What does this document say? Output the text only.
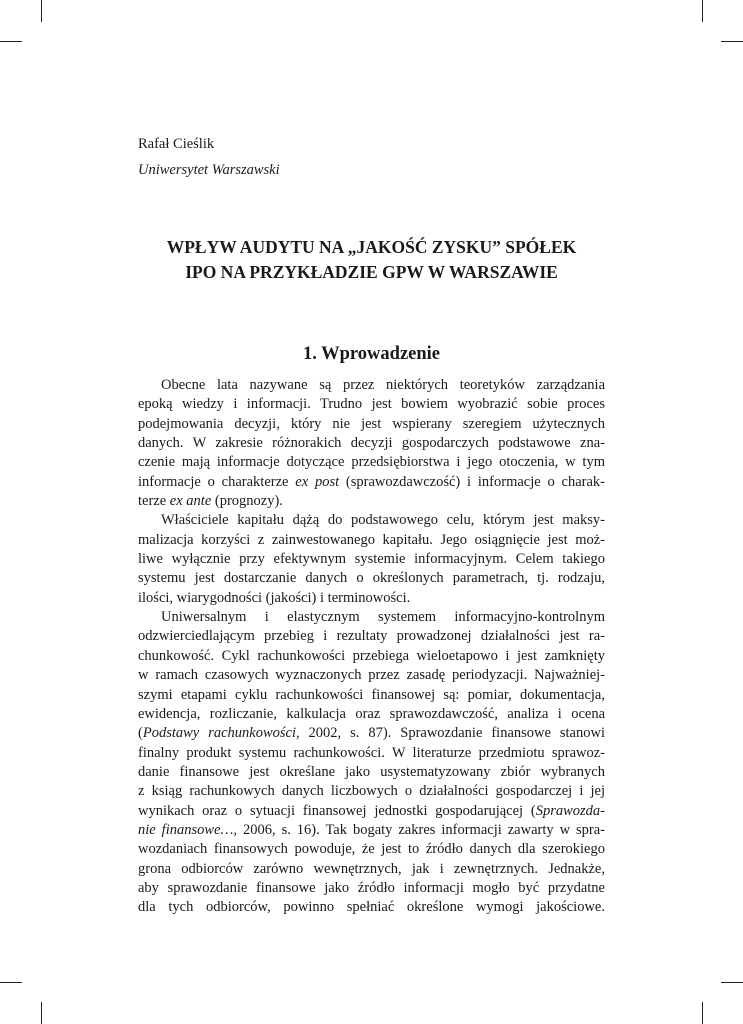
Rafał Cieślik
Uniwersytet Warszawski
WPŁYW AUDYTU NA „JAKOŚĆ ZYSKU” SPÓŁEK
IPO NA PRZYKŁADZIE GPW W WARSZAWIE
1. Wprowadzenie

Obecne lata nazywane są przez niektórych teoretyków zarządzania
epoką wiedzy i informacji. Trudno jest bowiem wyobrazić sobie proces
podejmowania decyzji, który nie jest wspierany szeregiem użytecznych
danych. W zakresie różnorakich decyzji gospodarczych podstawowe zna-
czenie mają informacje dotyczące przedsiębiorstwa i jego otoczenia, w tym
informacje o charakterze ex post (sprawozdawczość) i informacje o charak-
terze ex ante (prognozy).

Właściciele kapitału dążą do podstawowego celu, którym jest maksy-
malizacja korzyści z zainwestowanego kapitału. Jego osiągnięcie jest moż-
liwe wyłącznie przy efektywnym systemie informacyjnym. Celem takiego
systemu jest dostarczanie danych o określonych parametrach, tj. rodzaju,
ilości, wiarygodności (jakości) i terminowości.

Uniwersalnym i elastycznym systemem informacyjno-kontrolnym
odzwierciedlającym przebieg i rezultaty prowadzonej działalności jest ra-
chunkowość. Cykl rachunkowości przebiega wieloetapowo i jest zamknięty
w ramach czasowych wyznaczonych przez zasadę periodyzacji. Najważniej-
szymi etapami cyklu rachunkowości finansowej są: pomiar, dokumentacja,
ewidencja, rozliczanie, kalkulacja oraz sprawozdawczość, analiza i ocena
(Podstawy rachunkowości, 2002, s. 87). Sprawozdanie finansowe stanowi
finalny produkt systemu rachunkowości. W literaturze przedmiotu sprawoz-
danie finansowe jest określane jako usystematyzowany zbiór wybranych
z ksiąg rachunkowych danych liczbowych o działalności gospodarczej i jej
wynikach oraz o sytuacji finansowej jednostki gospodarującej (Sprawozda-
nie finansowe…, 2006, s. 16). Tak bogaty zakres informacji zawarty w spra-
wozdaniach finansowych powoduje, że jest to źródło danych dla szerokiego
grona odbiorców zarówno wewnętrznych, jak i zewnętrznych. Jednakże,
aby sprawozdanie finansowe jako źródło informacji mogło być przydatne
dla tych odbiorców, powinno spełniać określone wymogi jakościowe.
